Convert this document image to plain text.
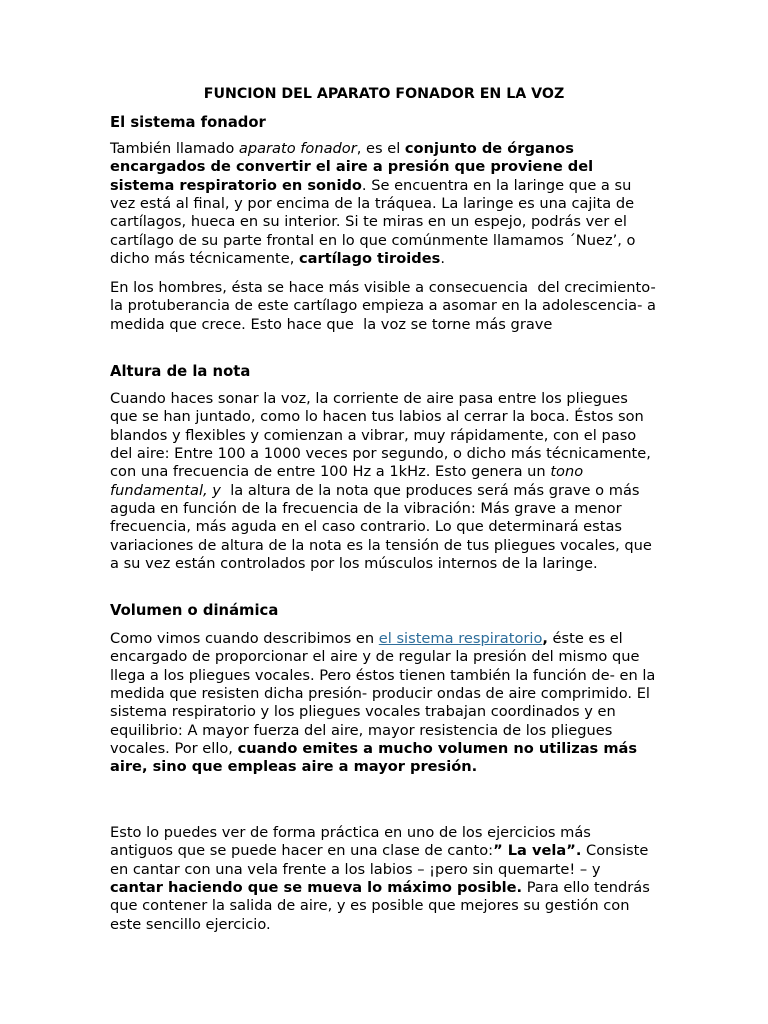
FUNCION DEL APARATO FONADOR EN LA VOZ
El sistema fonador

También llamado aparato fonador, es el conjunto de órganos encargados de convertir el aire a presión que proviene del sistema respiratorio en sonido. Se encuentra en la laringe que a su vez está al final, y por encima de la tráquea. La laringe es una cajita de cartílagos, hueca en su interior. Si te miras en un espejo, podrás ver el cartílago de su parte frontal en lo que comúnmente llamamos ´Nuez’, o dicho más técnicamente, cartílago tiroides.

En los hombres, ésta se hace más visible a consecuencia  del crecimiento- la protuberancia de este cartílago empieza a asomar en la adolescencia- a medida que crece. Esto hace que  la voz se torne más grave

Altura de la nota

Cuando haces sonar la voz, la corriente de aire pasa entre los pliegues que se han juntado, como lo hacen tus labios al cerrar la boca. Éstos son blandos y flexibles y comienzan a vibrar, muy rápidamente, con el paso del aire: Entre 100 a 1000 veces por segundo, o dicho más técnicamente, con una frecuencia de entre 100 Hz a 1kHz. Esto genera un tono fundamental, y  la altura de la nota que produces será más grave o más aguda en función de la frecuencia de la vibración: Más grave a menor frecuencia, más aguda en el caso contrario. Lo que determinará estas variaciones de altura de la nota es la tensión de tus pliegues vocales, que a su vez están controlados por los músculos internos de la laringe.

Volumen o dinámica

Como vimos cuando describimos en el sistema respiratorio, éste es el encargado de proporcionar el aire y de regular la presión del mismo que llega a los pliegues vocales. Pero éstos tienen también la función de- en la medida que resisten dicha presión- producir ondas de aire comprimido. El sistema respiratorio y los pliegues vocales trabajan coordinados y en equilibrio: A mayor fuerza del aire, mayor resistencia de los pliegues vocales. Por ello, cuando emites a mucho volumen no utilizas más aire, sino que empleas aire a mayor presión.

Esto lo puedes ver de forma práctica en uno de los ejercicios más antiguos que se puede hacer en una clase de canto:” La vela”. Consiste en cantar con una vela frente a los labios – ¡pero sin quemarte! – y  cantar haciendo que se mueva lo máximo posible. Para ello tendrás que contener la salida de aire, y es posible que mejores su gestión con este sencillo ejercicio.
